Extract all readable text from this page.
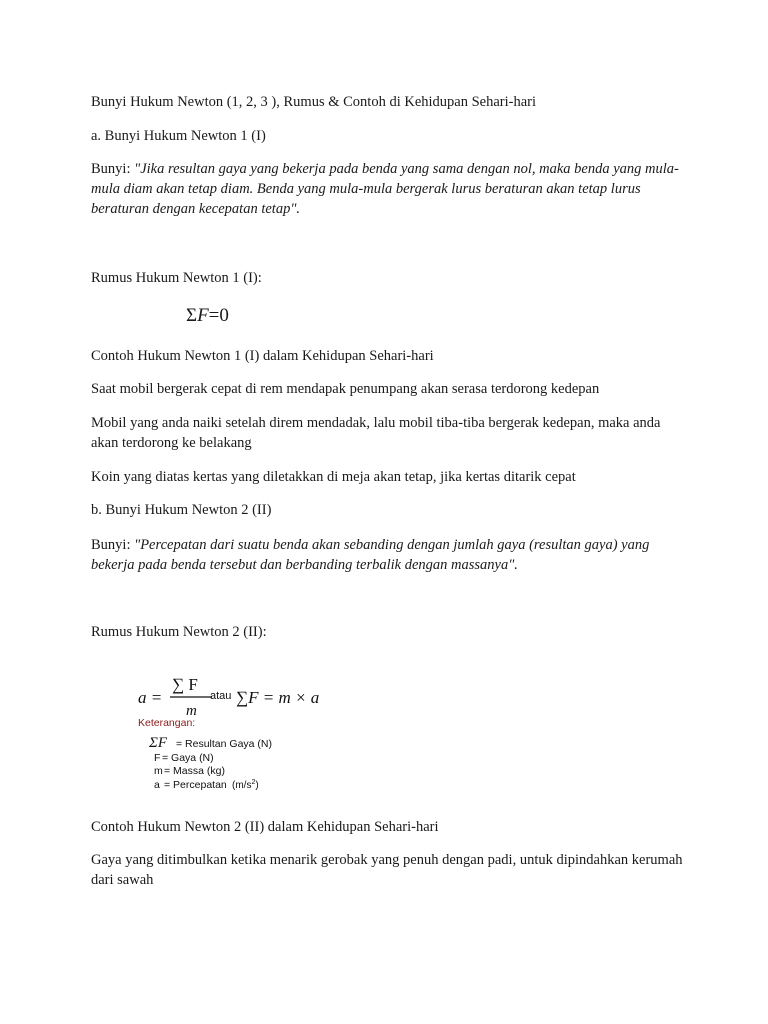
Bunyi Hukum Newton (1, 2, 3 ), Rumus & Contoh di Kehidupan Sehari-hari

a. Bunyi Hukum Newton 1 (I)

Bunyi: "Jika resultan gaya yang bekerja pada benda yang sama dengan nol, maka benda yang mula-mula diam akan tetap diam. Benda yang mula-mula bergerak lurus beraturan akan tetap lurus beraturan dengan kecepatan tetap".

Rumus Hukum Newton 1 (I):

ΣF=0

Contoh Hukum Newton 1 (I) dalam Kehidupan Sehari-hari

Saat mobil bergerak cepat di rem mendapak penumpang akan serasa terdorong kedepan

Mobil yang anda naiki setelah direm mendadak, lalu mobil tiba-tiba bergerak kedepan, maka anda akan terdorong ke belakang

Koin yang diatas kertas yang diletakkan di meja akan tetap, jika kertas ditarik cepat

b. Bunyi Hukum Newton 2 (II)

Bunyi: "Percepatan dari suatu benda akan sebanding dengan jumlah gaya (resultan gaya) yang bekerja pada benda tersebut dan berbanding terbalik dengan massanya".

Rumus Hukum Newton 2 (II):

a =
∑ F
m
atau ∑F = m × a
Keterangan:
ΣF = Resultan Gaya (N)
F = Gaya (N)
m = Massa (kg)
a = Percepatan $(m/s^2)$

Contoh Hukum Newton 2 (II) dalam Kehidupan Sehari-hari

Gaya yang ditimbulkan ketika menarik gerobak yang penuh dengan padi, untuk dipindahkan kerumah dari sawah
